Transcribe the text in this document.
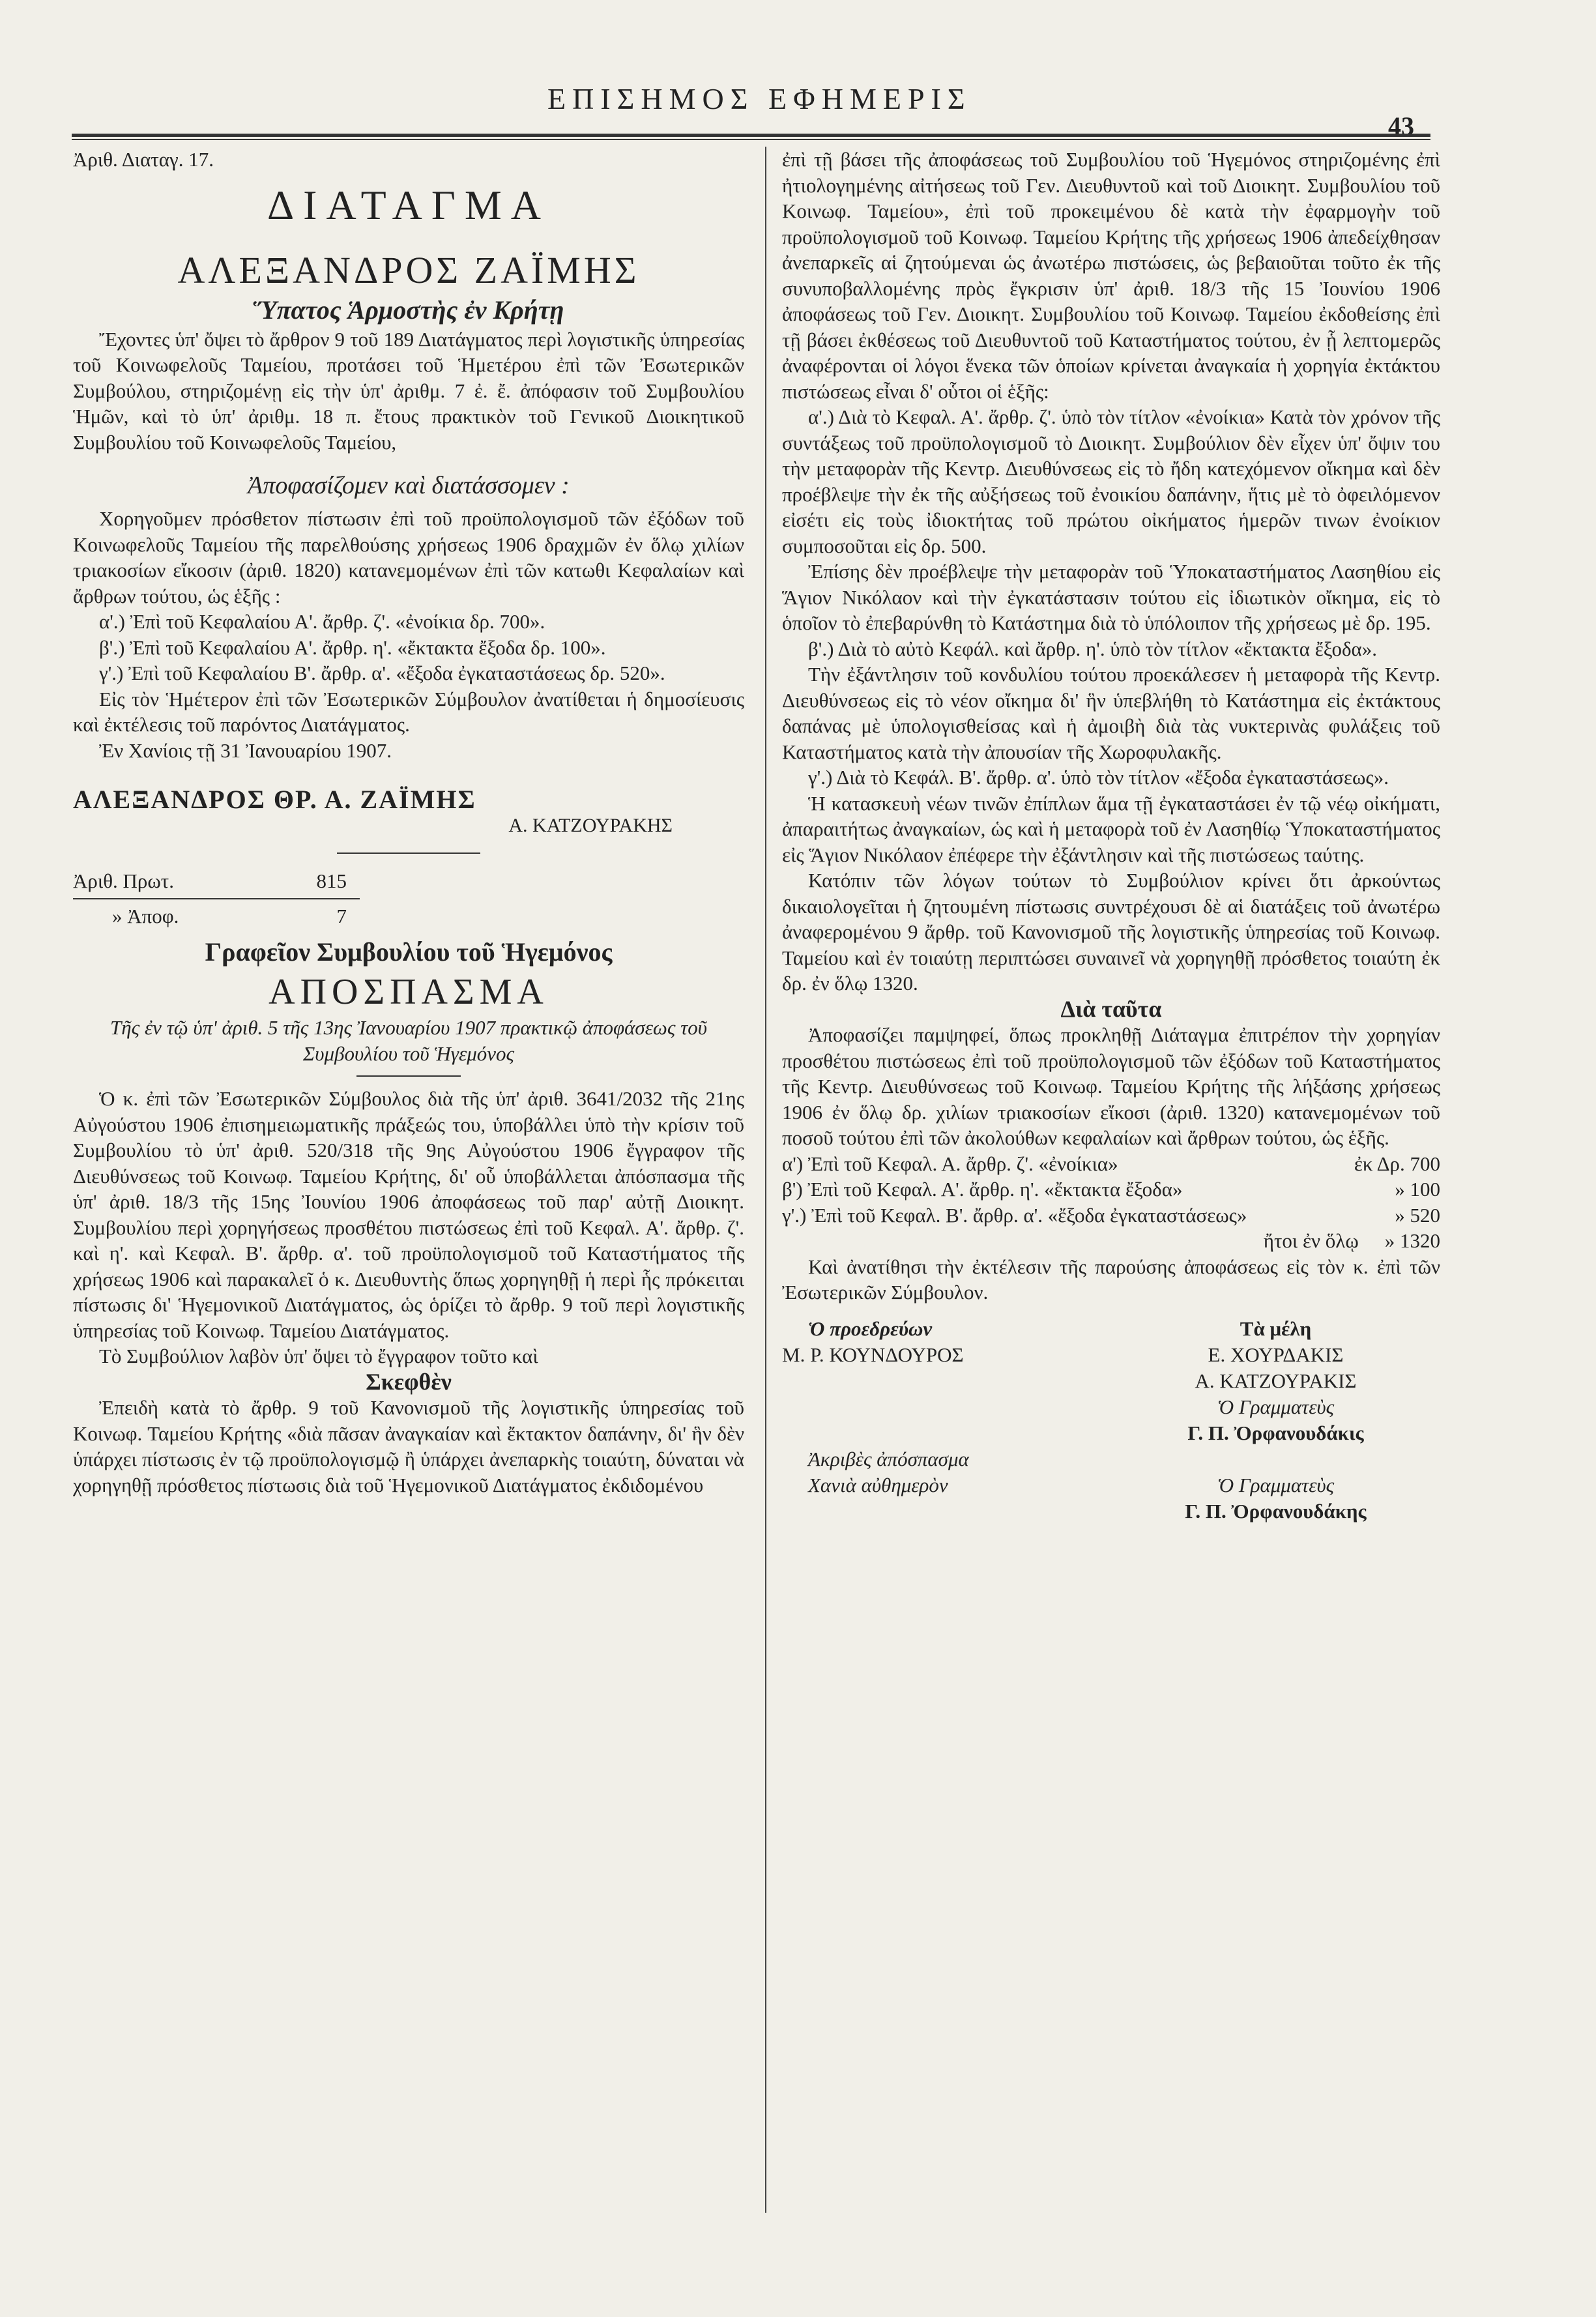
ΕΠΙΣΗΜΟΣ ΕΦΗΜΕΡΙΣ
43

Ἀριθ. Διαταγ. 17.

ΔΙΑΤΑΓΜΑ
ΑΛΕΞΑΝΔΡΟΣ ΖΑΪΜΗΣ
Ὕπατος Ἁρμοστὴς ἐν Κρήτῃ

Ἔχοντες ὑπ' ὄψει τὸ ἄρθρον 9 τοῦ 189 Διατάγματος περὶ λογιστικῆς ὑπηρεσίας τοῦ Κοινωφελοῦς Ταμείου, προτάσει τοῦ Ἡμετέρου ἐπὶ τῶν Ἐσωτερικῶν Συμβούλου, στηριζομένῃ εἰς τὴν ὑπ' ἀριθμ. 7 ἐ. ἔ. ἀπόφασιν τοῦ Συμβουλίου Ἡμῶν, καὶ τὸ ὑπ' ἀριθμ. 18 π. ἔτους πρακτικὸν τοῦ Γενικοῦ Διοικητικοῦ Συμβουλίου τοῦ Κοινωφελοῦς Ταμείου,

Ἀποφασίζομεν καὶ διατάσσομεν :

Χορηγοῦμεν πρόσθετον πίστωσιν ἐπὶ τοῦ προϋπολογισμοῦ τῶν ἐξόδων τοῦ Κοινωφελοῦς Ταμείου τῆς παρελθούσης χρήσεως 1906 δραχμῶν ἐν ὅλῳ χιλίων τριακοσίων εἴκοσιν (ἀριθ. 1820) κατανεμομένων ἐπὶ τῶν κατωθι Κεφαλαίων καὶ ἄρθρων τούτου, ὡς ἑξῆς :

α'.) Ἐπὶ τοῦ Κεφαλαίου Α'. ἄρθρ. ζ'. «ἐνοίκια δρ. 700».

β'.) Ἐπὶ τοῦ Κεφαλαίου Α'. ἄρθρ. η'. «ἔκτακτα ἔξοδα δρ. 100».

γ'.) Ἐπὶ τοῦ Κεφαλαίου Β'. ἄρθρ. α'. «ἔξοδα ἐγκαταστάσεως δρ. 520».

Εἰς τὸν Ἡμέτερον ἐπὶ τῶν Ἐσωτερικῶν Σύμβουλον ἀνατίθεται ἡ δημοσίευσις καὶ ἐκτέλεσις τοῦ παρόντος Διατάγματος.

Ἐν Χανίοις τῇ 31 Ἰανουαρίου 1907.

ΑΛΕΞΑΝΔΡΟΣ ΘΡ. Α. ΖΑΪΜΗΣ
Α. ΚΑΤΖΟΥΡΑΚΗΣ
Ἀριθ. Πρωτ.	815
» Ἀποφ.	7
Γραφεῖον Συμβουλίου τοῦ Ἡγεμόνος
ΑΠΟΣΠΑΣΜΑ

Τῆς ἐν τῷ ὑπ' ἀριθ. 5 τῆς 13ης Ἰανουαρίου 1907 πρακτικῷ ἀποφάσεως τοῦ Συμβουλίου τοῦ Ἡγεμόνος

Ὁ κ. ἐπὶ τῶν Ἐσωτερικῶν Σύμβουλος διὰ τῆς ὑπ' ἀριθ. 3641/2032 τῆς 21ης Αὐγούστου 1906 ἐπισημειωματικῆς πράξεώς του, ὑποβάλλει ὑπὸ τὴν κρίσιν τοῦ Συμβουλίου τὸ ὑπ' ἀριθ. 520/318 τῆς 9ης Αὐγούστου 1906 ἔγγραφον τῆς Διευθύνσεως τοῦ Κοινωφ. Ταμείου Κρήτης, δι' οὗ ὑποβάλλεται ἀπόσπασμα τῆς ὑπ' ἀριθ. 18/3 τῆς 15ης Ἰουνίου 1906 ἀποφάσεως τοῦ παρ' αὐτῇ Διοικητ. Συμβουλίου περὶ χορηγήσεως προσθέτου πιστώσεως ἐπὶ τοῦ Κεφαλ. Α'. ἄρθρ. ζ'. καὶ η'. καὶ Κεφαλ. Β'. ἄρθρ. α'. τοῦ προϋπολογισμοῦ τοῦ Καταστήματος τῆς χρήσεως 1906 καὶ παρακαλεῖ ὁ κ. Διευθυντὴς ὅπως χορηγηθῇ ἡ περὶ ἧς πρόκειται πίστωσις δι' Ἡγεμονικοῦ Διατάγματος, ὡς ὁρίζει τὸ ἄρθρ. 9 τοῦ περὶ λογιστικῆς ὑπηρεσίας τοῦ Κοινωφ. Ταμείου Διατάγματος.

Τὸ Συμβούλιον λαβὸν ὑπ' ὄψει τὸ ἔγγραφον τοῦτο καὶ

Σκεφθὲν

Ἐπειδὴ κατὰ τὸ ἄρθρ. 9 τοῦ Κανονισμοῦ τῆς λογιστικῆς ὑπηρεσίας τοῦ Κοινωφ. Ταμείου Κρήτης «διὰ πᾶσαν ἀναγκαίαν καὶ ἔκτακτον δαπάνην, δι' ἣν δὲν ὑπάρχει πίστωσις ἐν τῷ προϋπολογισμῷ ἢ ὑπάρχει ἀνεπαρκὴς τοιαύτη, δύναται νὰ χορηγηθῇ πρόσθετος πίστωσις διὰ τοῦ Ἡγεμονικοῦ Διατάγματος ἐκδιδομένου

ἐπὶ τῇ βάσει τῆς ἀποφάσεως τοῦ Συμβουλίου τοῦ Ἡγεμόνος στηριζομένης ἐπὶ ἠτιολογημένης αἰτήσεως τοῦ Γεν. Διευθυντοῦ καὶ τοῦ Διοικητ. Συμβουλίου τοῦ Κοινωφ. Ταμείου», ἐπὶ τοῦ προκειμένου δὲ κατὰ τὴν ἐφαρμογὴν τοῦ προϋπολογισμοῦ τοῦ Κοινωφ. Ταμείου Κρήτης τῆς χρήσεως 1906 ἀπεδείχθησαν ἀνεπαρκεῖς αἱ ζητούμεναι ὡς ἀνωτέρω πιστώσεις, ὡς βεβαιοῦται τοῦτο ἐκ τῆς συνυποβαλλομένης πρὸς ἔγκρισιν ὑπ' ἀριθ. 18/3 τῆς 15 Ἰουνίου 1906 ἀποφάσεως τοῦ Γεν. Διοικητ. Συμβουλίου τοῦ Κοινωφ. Ταμείου ἐκδοθείσης ἐπὶ τῇ βάσει ἐκθέσεως τοῦ Διευθυντοῦ τοῦ Καταστήματος τούτου, ἐν ᾗ λεπτομερῶς ἀναφέρονται οἱ λόγοι ἕνεκα τῶν ὁποίων κρίνεται ἀναγκαία ἡ χορηγία ἐκτάκτου πιστώσεως εἶναι δ' οὗτοι οἱ ἑξῆς:

α'.) Διὰ τὸ Κεφαλ. Α'. ἄρθρ. ζ'. ὑπὸ τὸν τίτλον «ἐνοίκια» Κατὰ τὸν χρόνον τῆς συντάξεως τοῦ προϋπολογισμοῦ τὸ Διοικητ. Συμβούλιον δὲν εἶχεν ὑπ' ὄψιν του τὴν μεταφορὰν τῆς Κεντρ. Διευθύνσεως εἰς τὸ ἤδη κατεχόμενον οἴκημα καὶ δὲν προέβλεψε τὴν ἐκ τῆς αὐξήσεως τοῦ ἐνοικίου δαπάνην, ἥτις μὲ τὸ ὀφειλόμενον εἰσέτι εἰς τοὺς ἰδιοκτήτας τοῦ πρώτου οἰκήματος ἡμερῶν τινων ἐνοίκιον συμποσοῦται εἰς δρ. 500.

Ἐπίσης δὲν προέβλεψε τὴν μεταφορὰν τοῦ Ὑποκαταστήματος Λασηθίου εἰς Ἅγιον Νικόλαον καὶ τὴν ἐγκατάστασιν τούτου εἰς ἰδιωτικὸν οἴκημα, εἰς τὸ ὁποῖον τὸ ἐπεβαρύνθη τὸ Κατάστημα διὰ τὸ ὑπόλοιπον τῆς χρήσεως μὲ δρ. 195.

β'.) Διὰ τὸ αὐτὸ Κεφάλ. καὶ ἄρθρ. η'. ὑπὸ τὸν τίτλον «ἔκτακτα ἔξοδα».

Τὴν ἐξάντλησιν τοῦ κονδυλίου τούτου προεκάλεσεν ἡ μεταφορὰ τῆς Κεντρ. Διευθύνσεως εἰς τὸ νέον οἴκημα δι' ἣν ὑπεβλήθη τὸ Κατάστημα εἰς ἐκτάκτους δαπάνας μὲ ὑπολογισθείσας καὶ ἡ ἀμοιβὴ διὰ τὰς νυκτερινὰς φυλάξεις τοῦ Καταστήματος κατὰ τὴν ἀπουσίαν τῆς Χωροφυλακῆς.

γ'.) Διὰ τὸ Κεφάλ. Β'. ἄρθρ. α'. ὑπὸ τὸν τίτλον «ἔξοδα ἐγκαταστάσεως».

Ἡ κατασκευὴ νέων τινῶν ἐπίπλων ἅμα τῇ ἐγκαταστάσει ἐν τῷ νέῳ οἰκήματι, ἀπαραιτήτως ἀναγκαίων, ὡς καὶ ἡ μεταφορὰ τοῦ ἐν Λασηθίῳ Ὑποκαταστήματος εἰς Ἅγιον Νικόλαον ἐπέφερε τὴν ἐξάντλησιν καὶ τῆς πιστώσεως ταύτης.

Κατόπιν τῶν λόγων τούτων τὸ Συμβούλιον κρίνει ὅτι ἀρκούντως δικαιολογεῖται ἡ ζητουμένη πίστωσις συντρέχουσι δὲ αἱ διατάξεις τοῦ ἀνωτέρω ἀναφερομένου 9 ἄρθρ. τοῦ Κανονισμοῦ τῆς λογιστικῆς ὑπηρεσίας τοῦ Κοινωφ. Ταμείου καὶ ἐν τοιαύτῃ περιπτώσει συναινεῖ νὰ χορηγηθῇ πρόσθετος τοιαύτη ἐκ δρ. ἐν ὅλῳ 1320.

Διὰ ταῦτα

Ἀποφασίζει παμψηφεί, ὅπως προκληθῇ Διάταγμα ἐπιτρέπον τὴν χορηγίαν προσθέτου πιστώσεως ἐπὶ τοῦ προϋπολογισμοῦ τῶν ἐξόδων τοῦ Καταστήματος τῆς Κεντρ. Διευθύνσεως τοῦ Κοινωφ. Ταμείου Κρήτης τῆς λήξάσης χρήσεως 1906 ἐν ὅλῳ δρ. χιλίων τριακοσίων εἴκοσι (ἀριθ. 1320) κατανεμομένων τοῦ ποσοῦ τούτου ἐπὶ τῶν ἀκολούθων κεφαλαίων καὶ ἄρθρων τούτου, ὡς ἑξῆς.

α') Ἐπὶ τοῦ Κεφαλ. Α. ἄρθρ. ζ'. «ἐνοίκια»	ἐκ Δρ. 700
β') Ἐπὶ τοῦ Κεφαλ. Α'. ἄρθρ. η'. «ἔκτακτα ἔξοδα»	» 100
γ'.) Ἐπὶ τοῦ Κεφαλ. Β'. ἄρθρ. α'. «ἔξοδα ἐγκαταστάσεως»	» 520
ἤτοι ἐν ὅλῳ » 1320

Καὶ ἀνατίθησι τὴν ἐκτέλεσιν τῆς παρούσης ἀποφάσεως εἰς τὸν κ. ἐπὶ τῶν Ἐσωτερικῶν Σύμβουλον.

Ὁ προεδρεύων	Τὰ μέλη
Μ. Ρ. ΚΟΥΝΔΟΥΡΟΣ	Ε. ΧΟΥΡΔΑΚΙΣ
Α. ΚΑΤΖΟΥΡΑΚΙΣ
Ὁ Γραμματεὺς
Γ. Π. Ὀρφανουδάκις
Ἀκριβὲς ἀπόσπασμα
Χανιὰ αὐθημερὸν	Ὁ Γραμματεὺς
Γ. Π. Ὀρφανουδάκης
